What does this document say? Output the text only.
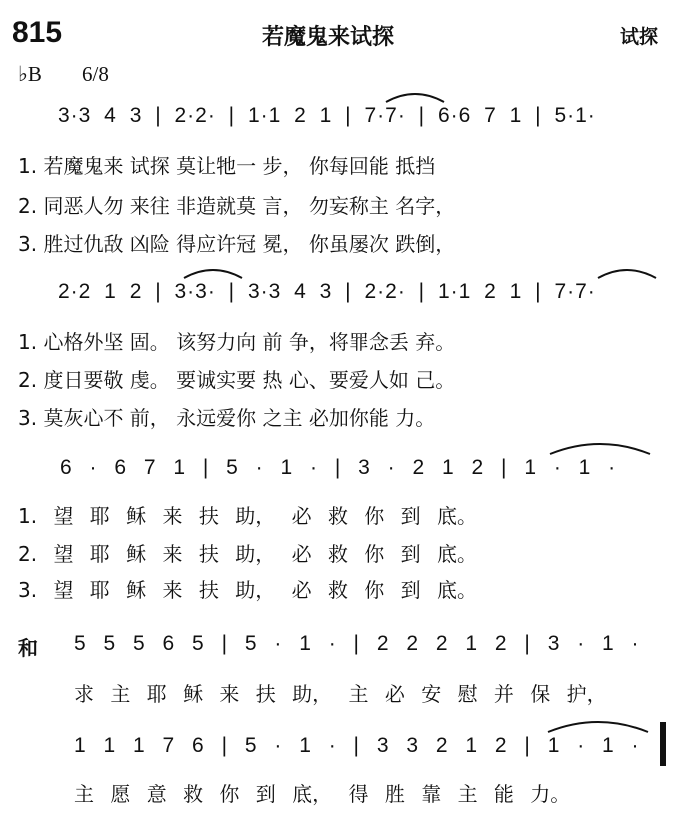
815	若魔鬼来试探	试探
♭B 6/8
3·3 4 3 | 2·2· | 1·1 2 1 | 7·7· | 6·6 7 1 | 5·1·
1. 若魔鬼来 试探 莫让牠一 步， 你每回能 抵挡
2. 同恶人勿 来往 非造就莫 言， 勿妄称主 名字，
3. 胜过仇敌 凶险 得应许冠 冕， 你虽屡次 跌倒，
2·2 1 2 | 3·3· | 3·3 4 3 | 2·2· | 1·1 2 1 | 7·7·
1. 心格外坚 固。 该努力向 前 争，将罪念丢 弃。
2. 度日要敬 虔。 要诚实要 热 心、要爱人如 己。
3. 莫灰心不 前， 永远爱你 之主 必加你能 力。
6 · 6 7 1 | 5 · 1 · | 3 · 2 1 2 | 1 · 1 ·
1. 望 耶 稣 来 扶 助， 必 救 你 到 底。
2. 望 耶 稣 来 扶 助， 必 救 你 到 底。
3. 望 耶 稣 来 扶 助， 必 救 你 到 底。
和 5 5 5 6 5 | 5 · 1 · | 2 2 2 1 2 | 3 · 1 ·
求 主 耶 稣 来 扶 助， 主 必 安 慰 并 保 护，
1 1 1 7 6 | 5 · 1 · | 3 3 2 1 2 | 1 · 1 ·
主 愿 意 救 你 到 底， 得 胜 靠 主 能 力。
